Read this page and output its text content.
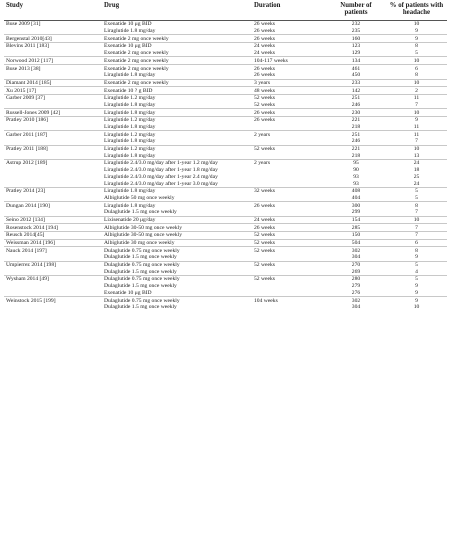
Study	Drug	Duration	Number of patients	% of patients with headache
Buse 2009 [31]	Exenatide 10 μg BID	26 weeks	232	10
	Liraglutide 1.8 mg/day	26 weeks	235	9
Bergenstal 2010[43]	Exenatide 2 mg once weekly	26 weeks	160	9
Blevins 2011 [183]	Exenatide 10 μg BID	24 weeks	123	8
	Exenatide 2 mg once weekly	24 weeks	129	5
Norwood 2012 [117]	Exenatide 2 mg once weekly	104-117 weeks	134	10
Buse 2013 [38]	Exenatide 2 mg once weekly	26 weeks	461	6
	Liraglutide 1.8 mg/day	26 weeks	450	8
Diamant 2014 [185]	Exenatide 2 mg once weekly	3 years	233	10
Xu 2015 [17]	Exenatide 10 ? g BID	48 weeks	142	2
Garber 2009 [37]	Liraglutide 1.2 mg/day	52 weeks	251	11
	Liraglutide 1.8 mg/day	52 weeks	246	7
Russell-Jones 2009 [42]	Liraglutide 1.8 mg/day	26 weeks	230	10
Pratley 2010 [186]	Liraglutide 1.2 mg/day	26 weeks	221	9
	Liraglutide 1.8 mg/day		218	11
Garber 2011 [187]	Liraglutide 1.2 mg/day	2 years	251	11
	Liraglutide 1.8 mg/day		246	7
Pratley 2011 [188]	Liraglutide 1.2 mg/day	52 weeks	221	10
	Liraglutide 1.8 mg/day		218	13
Astrup 2012 [189]	Liraglutide 2.4/3.0 mg/day after 1-year 1.2 mg/day	2 years	95	24
	Liraglutide 2.4/3.0 mg/day after 1-year 1.8 mg/day		90	18
	Liraglutide 2.4/3.0 mg/day after 1-year 2.4 mg/day		93	25
	Liraglutide 2.4/3.0 mg/day after 1-year 3.0 mg/day		93	24
Pratley 2014 [23]	Liraglutide 1.8 mg/day	32 weeks	408	5
	Albiglutide 50 mg once weekly		404	5
Dungan 2014 [190]	Liraglutide 1.8 mg/day	26 weeks	300	8
	Dulaglutide 1.5 mg once weekly		299	7
Seino 2012 [134]	Lixisenatide 20 μg/day	24 weeks	154	10
Rosenstock 2014 [194]	Albiglutide 30-50 mg once weekly	26 weeks	285	7
Reusch 2014[45]	Albiglutide 30-50 mg once weekly	52 weeks	150	7
Weissman 2014 [196]	Albiglutide 30 mg once weekly	52 weeks	504	6
Nauck 2014 [197]	Dulaglutide 0.75 mg once weekly	52 weeks	302	8
	Dulaglutide 1.5 mg once weekly		304	9
Umpierrez 2014 [198]	Dulaglutide 0.75 mg once weekly	52 weeks	270	5
	Dulaglutide 1.5 mg once weekly		269	4
Wysham 2014 [49]	Dulaglutide 0.75 mg once weekly	52 weeks	280	5
	Dulaglutide 1.5 mg once weekly		279	9
	Exenatide 10 μg BID		276	9
Weinstock 2015 [199]	Dulaglutide 0.75 mg once weekly	104 weeks	302	9
	Dulaglutide 1.5 mg once weekly		304	10
